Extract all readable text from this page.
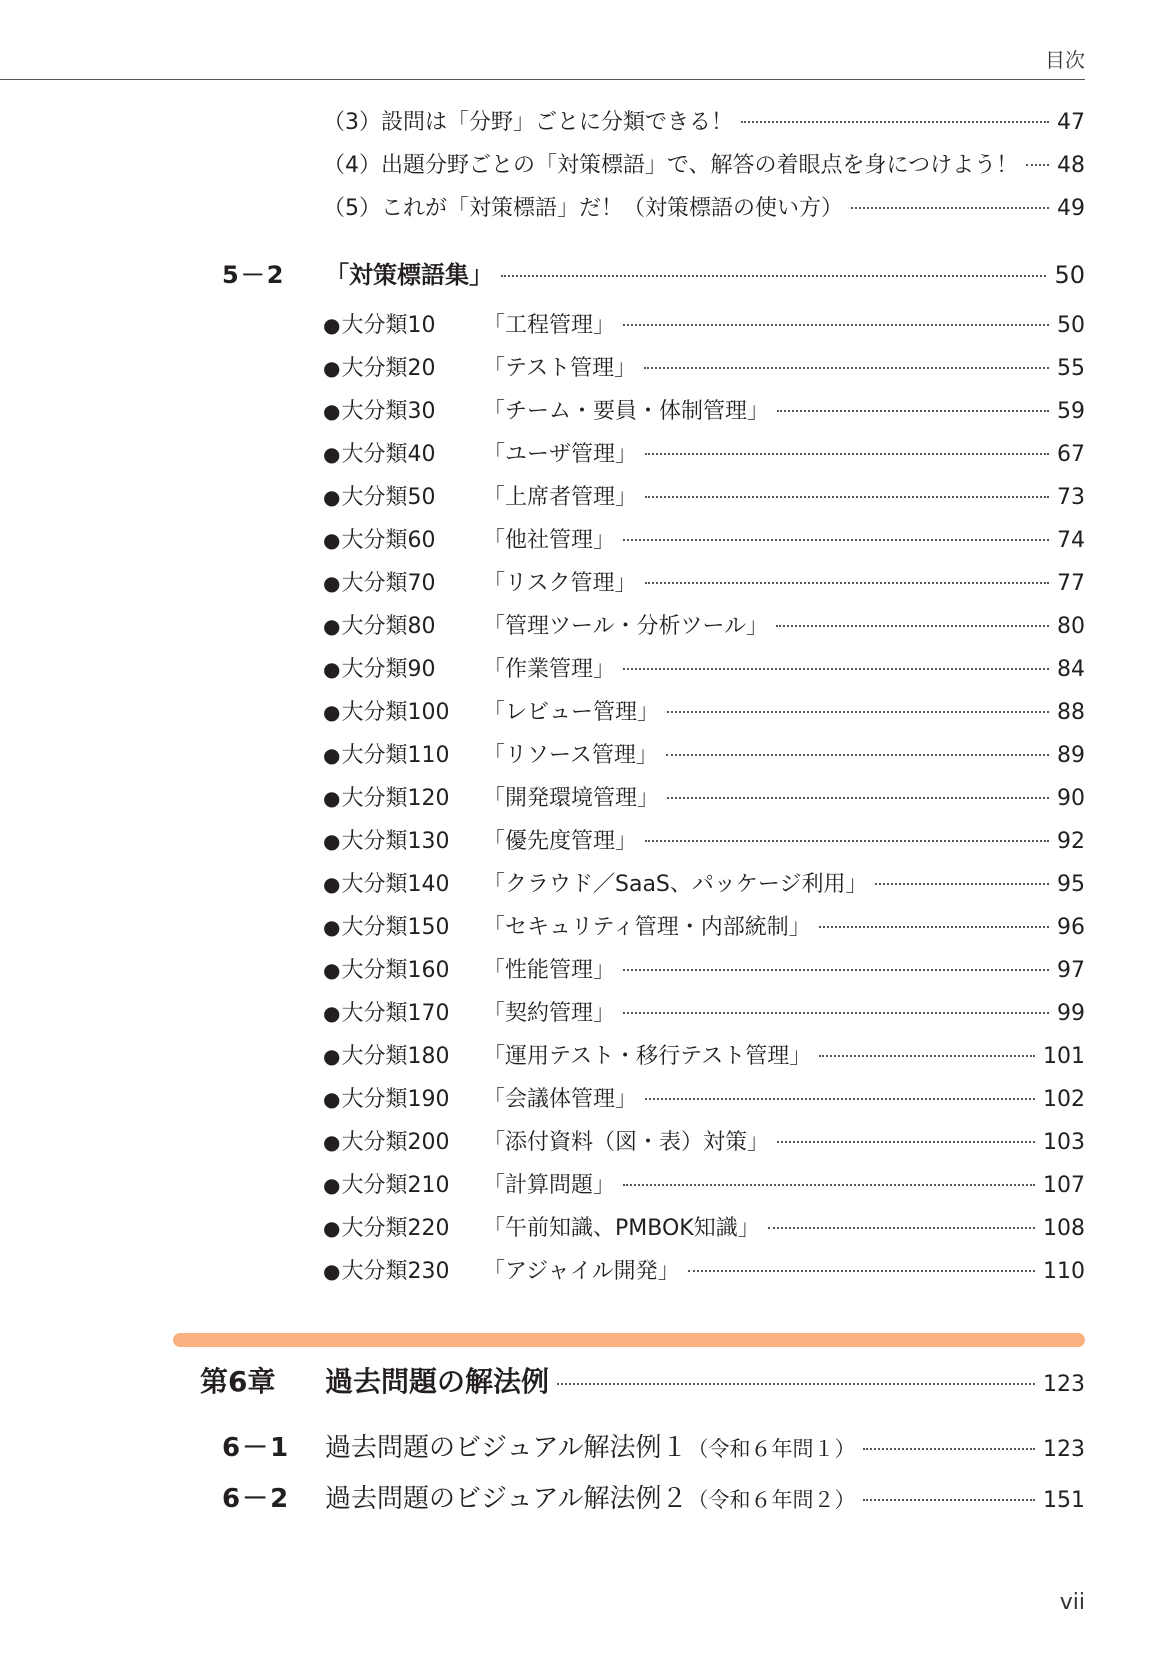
目次
（3）設問は「分野」ごとに分類できる！	47
（4）出題分野ごとの「対策標語」で、解答の着眼点を身につけよう！ 48
（5）これが「対策標語」だ！（対策標語の使い方）	49
5－2	「対策標語集」	50
●大分類10	「工程管理」	50
●大分類20	「テスト管理」	55
●大分類30	「チーム・要員・体制管理」	59
●大分類40	「ユーザ管理」	67
●大分類50	「上席者管理」	73
●大分類60	「他社管理」	74
●大分類70	「リスク管理」	77
●大分類80	「管理ツール・分析ツール」	80
●大分類90	「作業管理」	84
●大分類100	「レビュー管理」	88
●大分類110	「リソース管理」	89
●大分類120	「開発環境管理」	90
●大分類130	「優先度管理」	92
●大分類140	「クラウド／SaaS、パッケージ利用」	95
●大分類150	「セキュリティ管理・内部統制」	96
●大分類160	「性能管理」	97
●大分類170	「契約管理」	99
●大分類180	「運用テスト・移行テスト管理」	101
●大分類190	「会議体管理」	102
●大分類200	「添付資料（図・表）対策」	103
●大分類210	「計算問題」	107
●大分類220	「午前知識、PMBOK知識」	108
●大分類230	「アジャイル開発」	110
第6章	過去問題の解法例	123
6－1	過去問題のビジュアル解法例１ （令和６年問１）	123
6－2	過去問題のビジュアル解法例２ （令和６年問２）	151
vii
